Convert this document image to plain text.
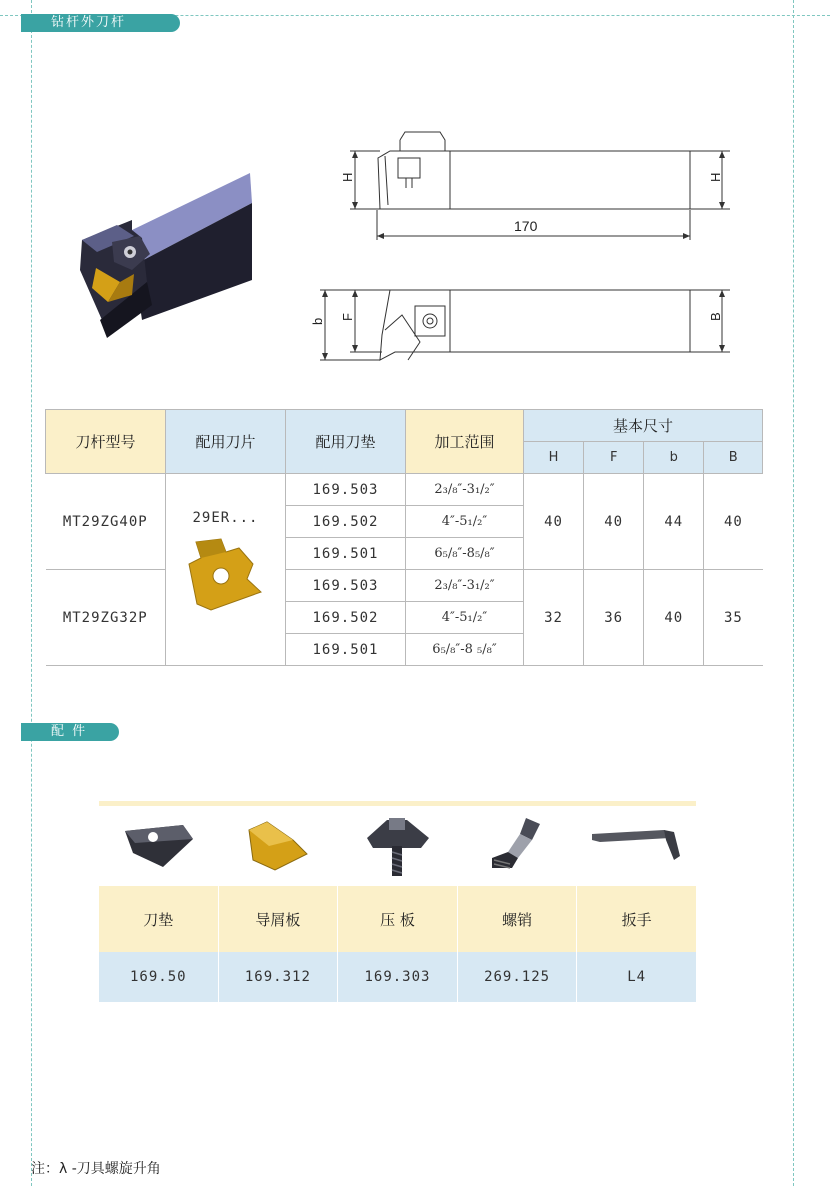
钻杆外刀杆
H	H
170
b
F	B
刀杆型号	配用刀片	配用刀垫	加工范围	基本尺寸			
				H	F	b	B
MT29ZG40P	29ER...	169.503	2₃/₈″-3₁/₂″	40	40	44	40
		169.502	4″-5₁/₂″				
		169.501	6₅/₈″-8₅/₈″				
MT29ZG32P		169.503	2₃/₈″-3₁/₂″	32	36	40	35
		169.502	4″-5₁/₂″				
		169.501	6₅/₈″-8 ₅/₈″				
配 件
刀垫	导屑板	压 板	螺销	扳手
169.50	169.312	169.303	269.125	L4
注：λ -刀具螺旋升角
